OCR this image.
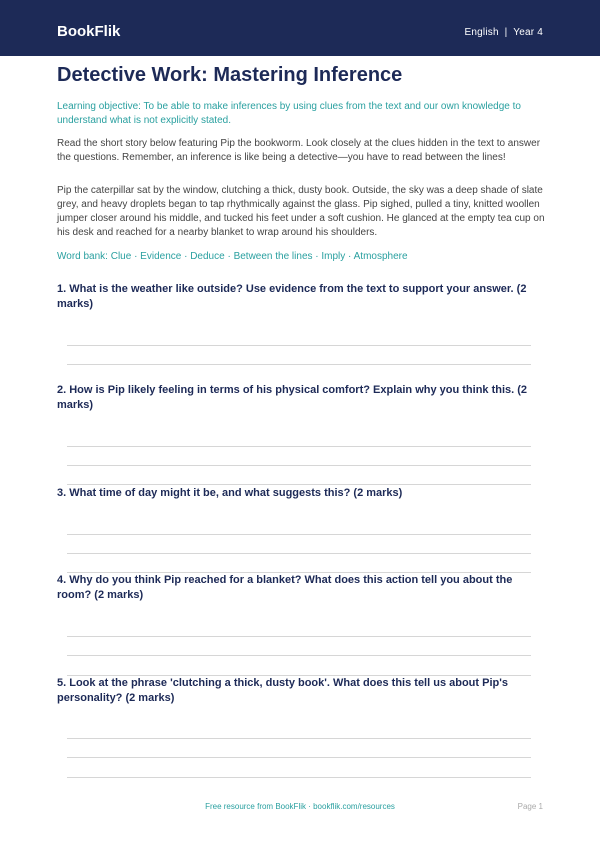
BookFlik	English  |  Year 4
Detective Work: Mastering Inference

Learning objective: To be able to make inferences by using clues from the text and our own knowledge to understand what is not explicitly stated.

Read the short story below featuring Pip the bookworm. Look closely at the clues hidden in the text to answer the questions. Remember, an inference is like being a detective—you have to read between the lines!

Pip the caterpillar sat by the window, clutching a thick, dusty book. Outside, the sky was a deep shade of slate grey, and heavy droplets began to tap rhythmically against the glass. Pip sighed, pulled a tiny, knitted woollen jumper closer around his middle, and tucked his feet under a soft cushion. He glanced at the empty tea cup on his desk and reached for a nearby blanket to wrap around his shoulders.

Word bank: Clue · Evidence · Deduce · Between the lines · Imply · Atmosphere

1. What is the weather like outside? Use evidence from the text to support your answer. (2 marks)

2. How is Pip likely feeling in terms of his physical comfort? Explain why you think this. (2 marks)

3. What time of day might it be, and what suggests this? (2 marks)

4. Why do you think Pip reached for a blanket? What does this action tell you about the room? (2 marks)

5. Look at the phrase 'clutching a thick, dusty book'. What does this tell us about Pip's personality? (2 marks)

Free resource from BookFlik · bookflik.com/resources	Page 1
